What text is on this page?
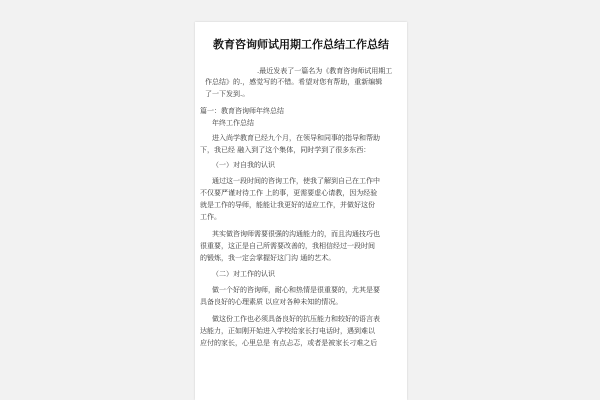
教育咨询师试用期工作总结工作总结
.最近发表了一篇名为《教育咨询师试用期工
作总结》的.，感觉写的不错。希望对您有帮助，重新编辑
了一下发到.。
篇一：教育咨询师年终总结
年终工作总结
进入尚学教育已经九个月，在领导和同事的指导和帮助
下，我已经 融入到了这个集体，同时学到了很多东西：
（一）对自我的认识
通过这一段时间的咨询工作，使我了解到自己在工作中
不仅要严谨对待工作 上的事，更需要虚心请教，因为经验
就是工作的导师，能能让我更好的适应工作，并做好这份
工作。
其实做咨询师需要很强的沟通能力的，而且沟通技巧也
很重要，这正是自己所需要改善的，我相信经过一段时间
的锻炼，我一定会掌握好这门沟 通的艺术。
（二）对工作的认识
做一个好的咨询师，耐心和热情是很重要的，尤其是要
具备良好的心理素质 以应对各种未知的情况。
做这份工作也必须具备良好的抗压能力和较好的语言表
达能力，正如刚开始进入学校给家长打电话时，遇到难以
应付的家长，心里总是 有点忐忑，或者是被家长刁难之后
